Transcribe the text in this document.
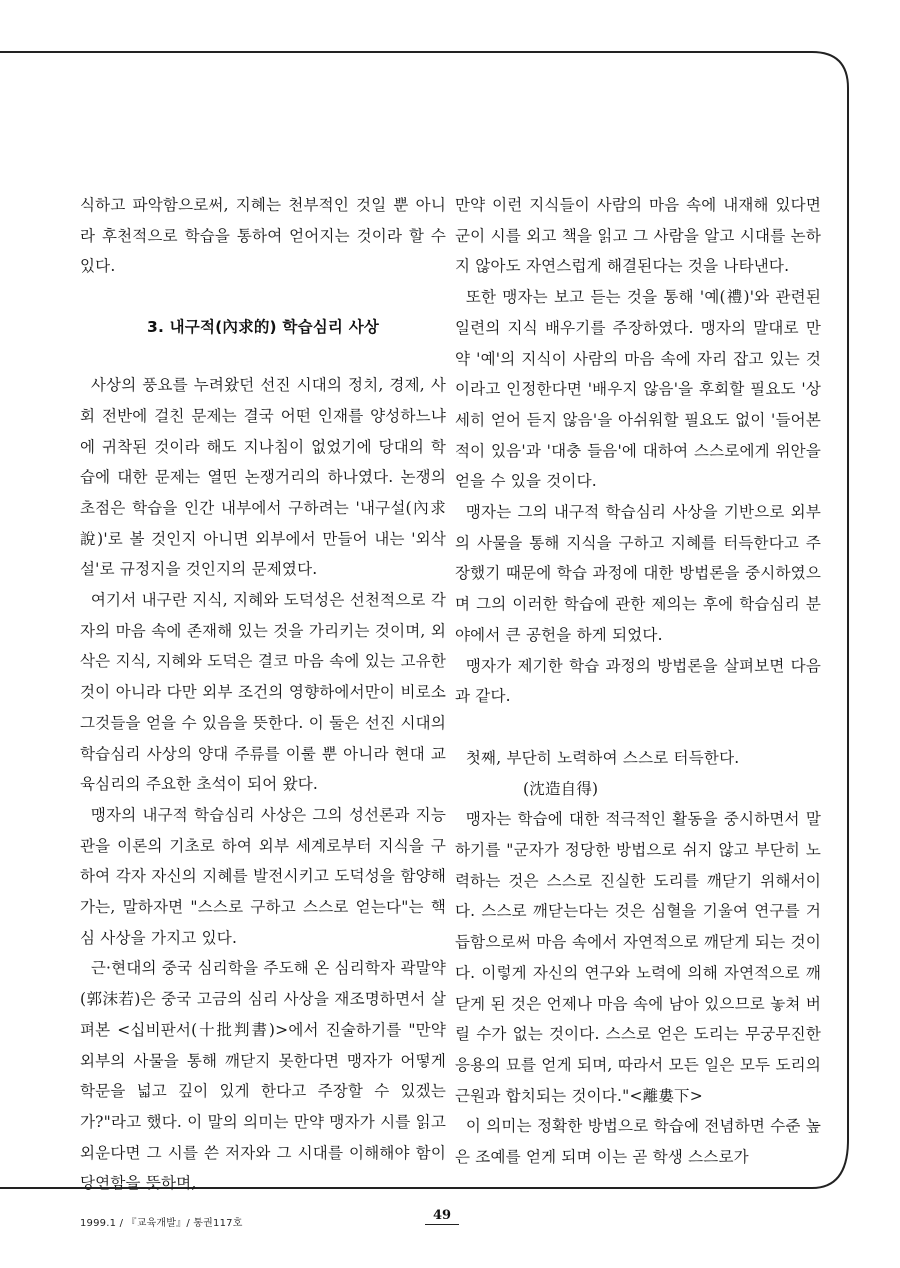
식하고 파악함으로써, 지혜는 천부적인 것일 뿐 아니라 후천적으로 학습을 통하여 얻어지는 것이라 할 수 있다.

3. 내구적(內求的) 학습심리 사상

사상의 풍요를 누려왔던 선진 시대의 정치, 경제, 사회 전반에 걸친 문제는 결국 어떤 인재를 양성하느냐에 귀착된 것이라 해도 지나침이 없었기에 당대의 학습에 대한 문제는 열띤 논쟁거리의 하나였다. 논쟁의 초점은 학습을 인간 내부에서 구하려는 '내구설(內求說)'로 볼 것인지 아니면 외부에서 만들어 내는 '외삭설'로 규정지을 것인지의 문제였다.

여기서 내구란 지식, 지혜와 도덕성은 선천적으로 각자의 마음 속에 존재해 있는 것을 가리키는 것이며, 외삭은 지식, 지혜와 도덕은 결코 마음 속에 있는 고유한 것이 아니라 다만 외부 조건의 영향하에서만이 비로소 그것들을 얻을 수 있음을 뜻한다. 이 둘은 선진 시대의 학습심리 사상의 양대 주류를 이룰 뿐 아니라 현대 교육심리의 주요한 초석이 되어 왔다.

맹자의 내구적 학습심리 사상은 그의 성선론과 지능관을 이론의 기초로 하여 외부 세계로부터 지식을 구하여 각자 자신의 지혜를 발전시키고 도덕성을 함양해 가는, 말하자면 "스스로 구하고 스스로 얻는다"는 핵심 사상을 가지고 있다.

근·현대의 중국 심리학을 주도해 온 심리학자 곽말약(郭沫若)은 중국 고금의 심리 사상을 재조명하면서 살펴본 <십비판서(十批判書)>에서 진술하기를 "만약 외부의 사물을 통해 깨닫지 못한다면 맹자가 어떻게 학문을 넓고 깊이 있게 한다고 주장할 수 있겠는가?"라고 했다. 이 말의 의미는 만약 맹자가 시를 읽고 외운다면 그 시를 쓴 저자와 그 시대를 이해해야 함이 당연함을 뜻하며,

만약 이런 지식들이 사람의 마음 속에 내재해 있다면 군이 시를 외고 책을 읽고 그 사람을 알고 시대를 논하지 않아도 자연스럽게 해결된다는 것을 나타낸다.

또한 맹자는 보고 듣는 것을 통해 '예(禮)'와 관련된 일련의 지식 배우기를 주장하였다. 맹자의 말대로 만약 '예'의 지식이 사람의 마음 속에 자리 잡고 있는 것이라고 인정한다면 '배우지 않음'을 후회할 필요도 '상세히 얻어 듣지 않음'을 아쉬워할 필요도 없이 '들어본 적이 있음'과 '대충 들음'에 대하여 스스로에게 위안을 얻을 수 있을 것이다.

맹자는 그의 내구적 학습심리 사상을 기반으로 외부의 사물을 통해 지식을 구하고 지혜를 터득한다고 주장했기 때문에 학습 과정에 대한 방법론을 중시하였으며 그의 이러한 학습에 관한 제의는 후에 학습심리 분야에서 큰 공헌을 하게 되었다.

맹자가 제기한 학습 과정의 방법론을 살펴보면 다음과 같다.

첫째, 부단히 노력하여 스스로 터득한다.
(沈造自得)

맹자는 학습에 대한 적극적인 활동을 중시하면서 말하기를 "군자가 정당한 방법으로 쉬지 않고 부단히 노력하는 것은 스스로 진실한 도리를 깨닫기 위해서이다. 스스로 깨닫는다는 것은 심혈을 기울여 연구를 거듭함으로써 마음 속에서 자연적으로 깨닫게 되는 것이다. 이렇게 자신의 연구와 노력에 의해 자연적으로 깨닫게 된 것은 언제나 마음 속에 남아 있으므로 놓쳐 버릴 수가 없는 것이다. 스스로 얻은 도리는 무궁무진한 응용의 묘를 얻게 되며, 따라서 모든 일은 모두 도리의 근원과 합치되는 것이다."<離婁下>

이 의미는 정확한 방법으로 학습에 전념하면 수준 높은 조예를 얻게 되며 이는 곧 학생 스스로가

1999.1 / 『교육개발』/ 통권117호
49
